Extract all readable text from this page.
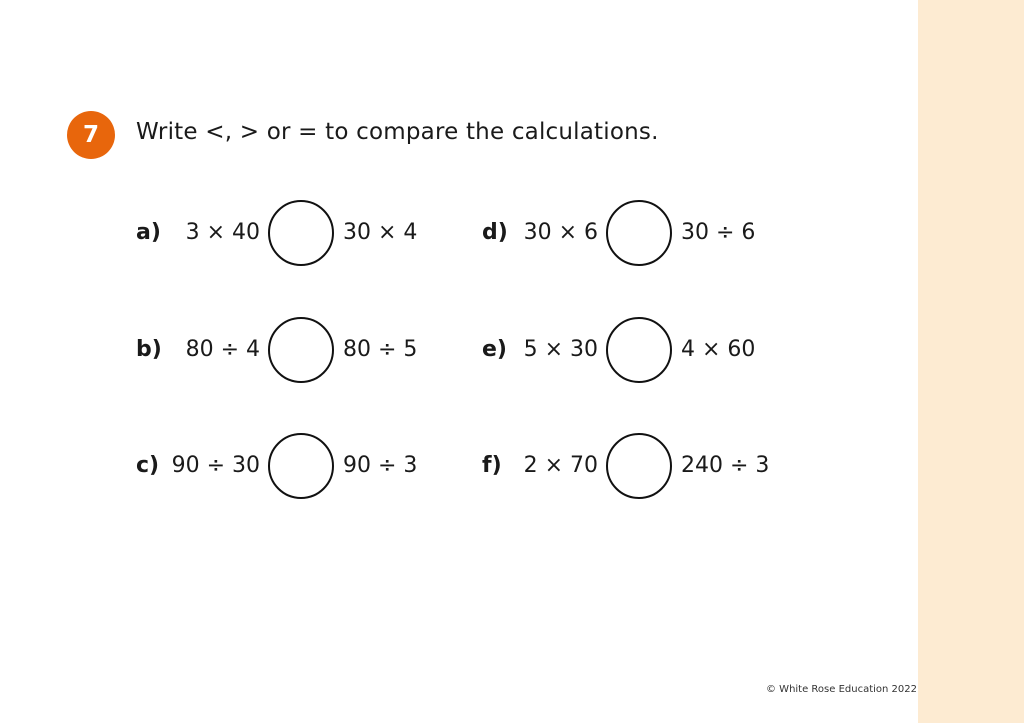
7	Write <, > or = to compare the calculations.
a) 3 × 40	30 × 4
b) 80 ÷ 4	80 ÷ 5
c) 90 ÷ 30	90 ÷ 3
d) 30 × 6	30 ÷ 6
e) 5 × 30	4 × 60
f) 2 × 70	240 ÷ 3
© White Rose Education 2022
